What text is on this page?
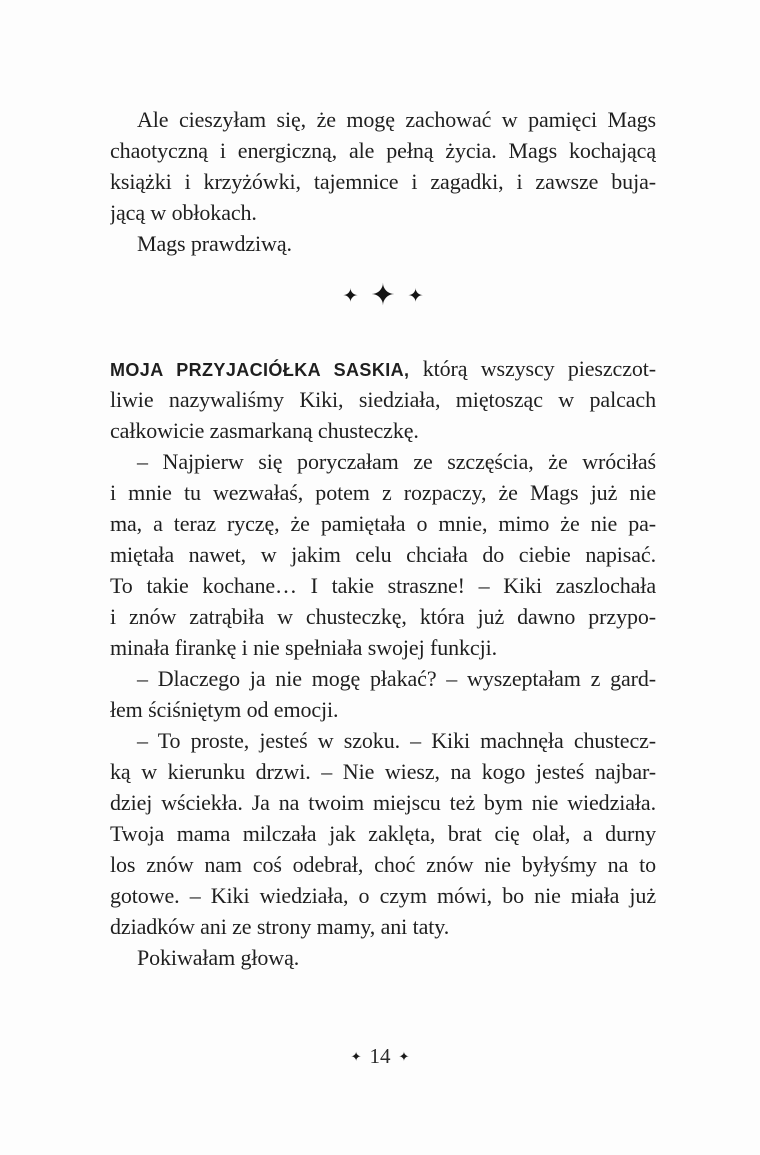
Ale cieszyłam się, że mogę zachować w pamięci Mags
chaotyczną i energiczną, ale pełną życia. Mags kochającą
książki i krzyżówki, tajemnice i zagadki, i zawsze buja-
jącą w obłokach.

Mags prawdziwą.

✦ ✦ ✦

MOJA PRZYJACIÓŁKA SASKIA, którą wszyscy pieszczot-
liwie nazywaliśmy Kiki, siedziała, miętosząc w palcach
całkowicie zasmarkaną chusteczkę.

– Najpierw się poryczałam ze szczęścia, że wróciłaś
i mnie tu wezwałaś, potem z rozpaczy, że Mags już nie
ma, a teraz ryczę, że pamiętała o mnie, mimo że nie pa-
miętała nawet, w jakim celu chciała do ciebie napisać.
To takie kochane… I takie straszne! – Kiki zaszlochała
i znów zatrąbiła w chusteczkę, która już dawno przypo-
minała firankę i nie spełniała swojej funkcji.

– Dlaczego ja nie mogę płakać? – wyszeptałam z gard-
łem ściśniętym od emocji.

– To proste, jesteś w szoku. – Kiki machnęła chustecz-
ką w kierunku drzwi. – Nie wiesz, na kogo jesteś najbar-
dziej wściekła. Ja na twoim miejscu też bym nie wiedziała.
Twoja mama milczała jak zaklęta, brat cię olał, a durny
los znów nam coś odebrał, choć znów nie byłyśmy na to
gotowe. – Kiki wiedziała, o czym mówi, bo nie miała już
dziadków ani ze strony mamy, ani taty.

Pokiwałam głową.

✦ 14 ✦
